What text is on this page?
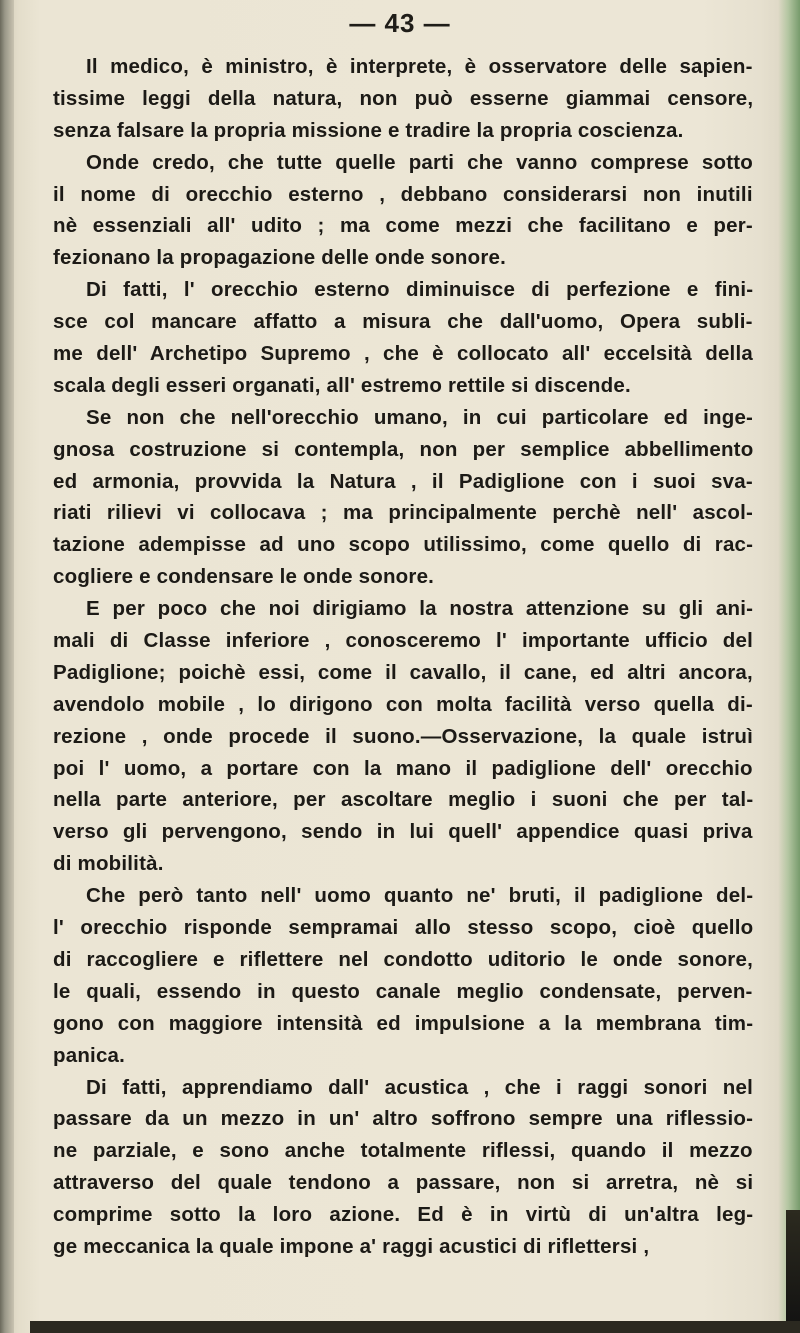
— 43 —
Il medico, è ministro, è interprete, è osservatore delle sapien-
tissime leggi della natura, non può esserne giammai censore,
senza falsare la propria missione e tradire la propria coscienza.
Onde credo, che tutte quelle parti che vanno comprese sotto
il nome di orecchio esterno , debbano considerarsi non inutili
nè essenziali all' udito ; ma come mezzi che facilitano e per-
fezionano la propagazione delle onde sonore.
Di fatti, l' orecchio esterno diminuisce di perfezione e fini-
sce col mancare affatto a misura che dall'uomo, Opera subli-
me dell' Archetipo Supremo , che è collocato all' eccelsità della
scala degli esseri organati, all' estremo rettile si discende.
Se non che nell'orecchio umano, in cui particolare ed inge-
gnosa costruzione si contempla, non per semplice abbellimento
ed armonia, provvida la Natura , il Padiglione con i suoi sva-
riati rilievi vi collocava ; ma principalmente perchè nell' ascol-
tazione adempisse ad uno scopo utilissimo, come quello di rac-
cogliere e condensare le onde sonore.
E per poco che noi dirigiamo la nostra attenzione su gli ani-
mali di Classe inferiore , conosceremo l' importante ufficio del
Padiglione; poichè essi, come il cavallo, il cane, ed altri ancora,
avendolo mobile , lo dirigono con molta facilità verso quella di-
rezione , onde procede il suono.—Osservazione, la quale istruì
poi l' uomo, a portare con la mano il padiglione dell' orecchio
nella parte anteriore, per ascoltare meglio i suoni che per tal-
verso gli pervengono, sendo in lui quell' appendice quasi priva
di mobilità.
Che però tanto nell' uomo quanto ne' bruti, il padiglione del-
l' orecchio risponde sempramai allo stesso scopo, cioè quello
di raccogliere e riflettere nel condotto uditorio le onde sonore,
le quali, essendo in questo canale meglio condensate, perven-
gono con maggiore intensità ed impulsione a la membrana tim-
panica.
Di fatti, apprendiamo dall' acustica , che i raggi sonori nel
passare da un mezzo in un' altro soffrono sempre una riflessio-
ne parziale, e sono anche totalmente riflessi, quando il mezzo
attraverso del quale tendono a passare, non si arretra, nè si
comprime sotto la loro azione. Ed è in virtù di un'altra leg-
ge meccanica la quale impone a' raggi acustici di riflettersi ,
